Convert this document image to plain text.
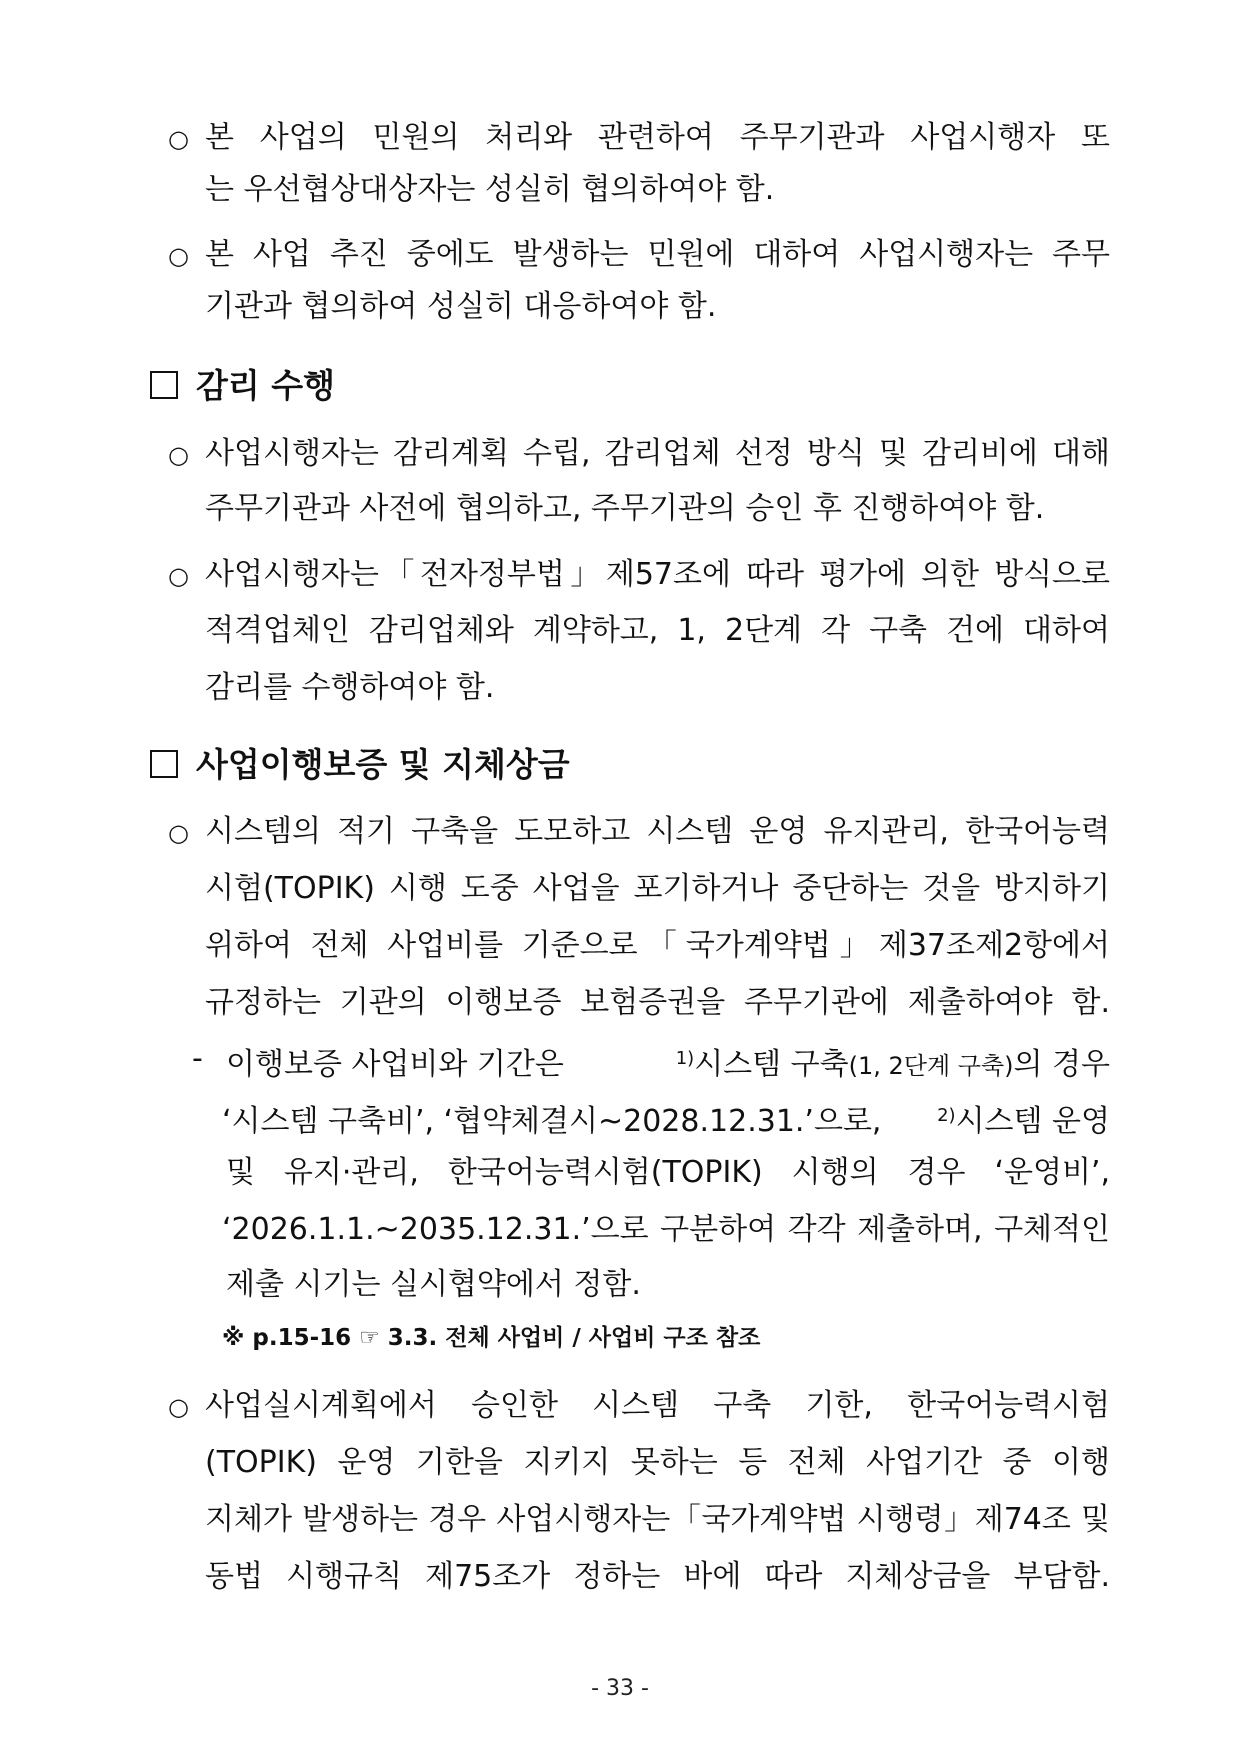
○ 본 사업의 민원의 처리와 관련하여 주무기관과 사업시행자 또
는 우선협상대상자는 성실히 협의하여야 함.
○ 본 사업 추진 중에도 발생하는 민원에 대하여 사업시행자는 주무
기관과 협의하여 성실히 대응하여야 함.
감리 수행
○ 사업시행자는 감리계획 수립, 감리업체 선정 방식 및 감리비에 대해
주무기관과 사전에 협의하고, 주무기관의 승인 후 진행하여야 함.
○ 사업시행자는「전자정부법」제57조에 따라 평가에 의한 방식으로
적격업체인 감리업체와 계약하고, 1, 2단계 각 구축 건에 대하여
감리를 수행하여야 함.
사업이행보증 및 지체상금
○ 시스템의 적기 구축을 도모하고 시스템 운영 유지관리, 한국어능력
시험(TOPIK) 시행 도중 사업을 포기하거나 중단하는 것을 방지하기
위하여 전체 사업비를 기준으로「국가계약법」제37조제2항에서
규정하는 기관의 이행보증 보험증권을 주무기관에 제출하여야 함.
- 이행보증 사업비와 기간은	$^{1)}$시스템 구축(1, 2단계 구축)의 경우
‘시스템 구축비’, ‘협약체결시~2028.12.31.’으로,	$^{2)}$시스템 운영
및 유지·관리, 한국어능력시험(TOPIK) 시행의 경우 ‘운영비’,
‘2026.1.1.~2035.12.31.’으로 구분하여 각각 제출하며, 구체적인
제출 시기는 실시협약에서 정함.
※ p.15-16 ☞ 3.3. 전체 사업비 / 사업비 구조 참조
○ 사업실시계획에서 승인한 시스템 구축 기한, 한국어능력시험
(TOPIK) 운영 기한을 지키지 못하는 등 전체 사업기간 중 이행
지체가 발생하는 경우 사업시행자는「국가계약법 시행령」제74조 및
동법 시행규칙 제75조가 정하는 바에 따라 지체상금을 부담함.
- 33 -
